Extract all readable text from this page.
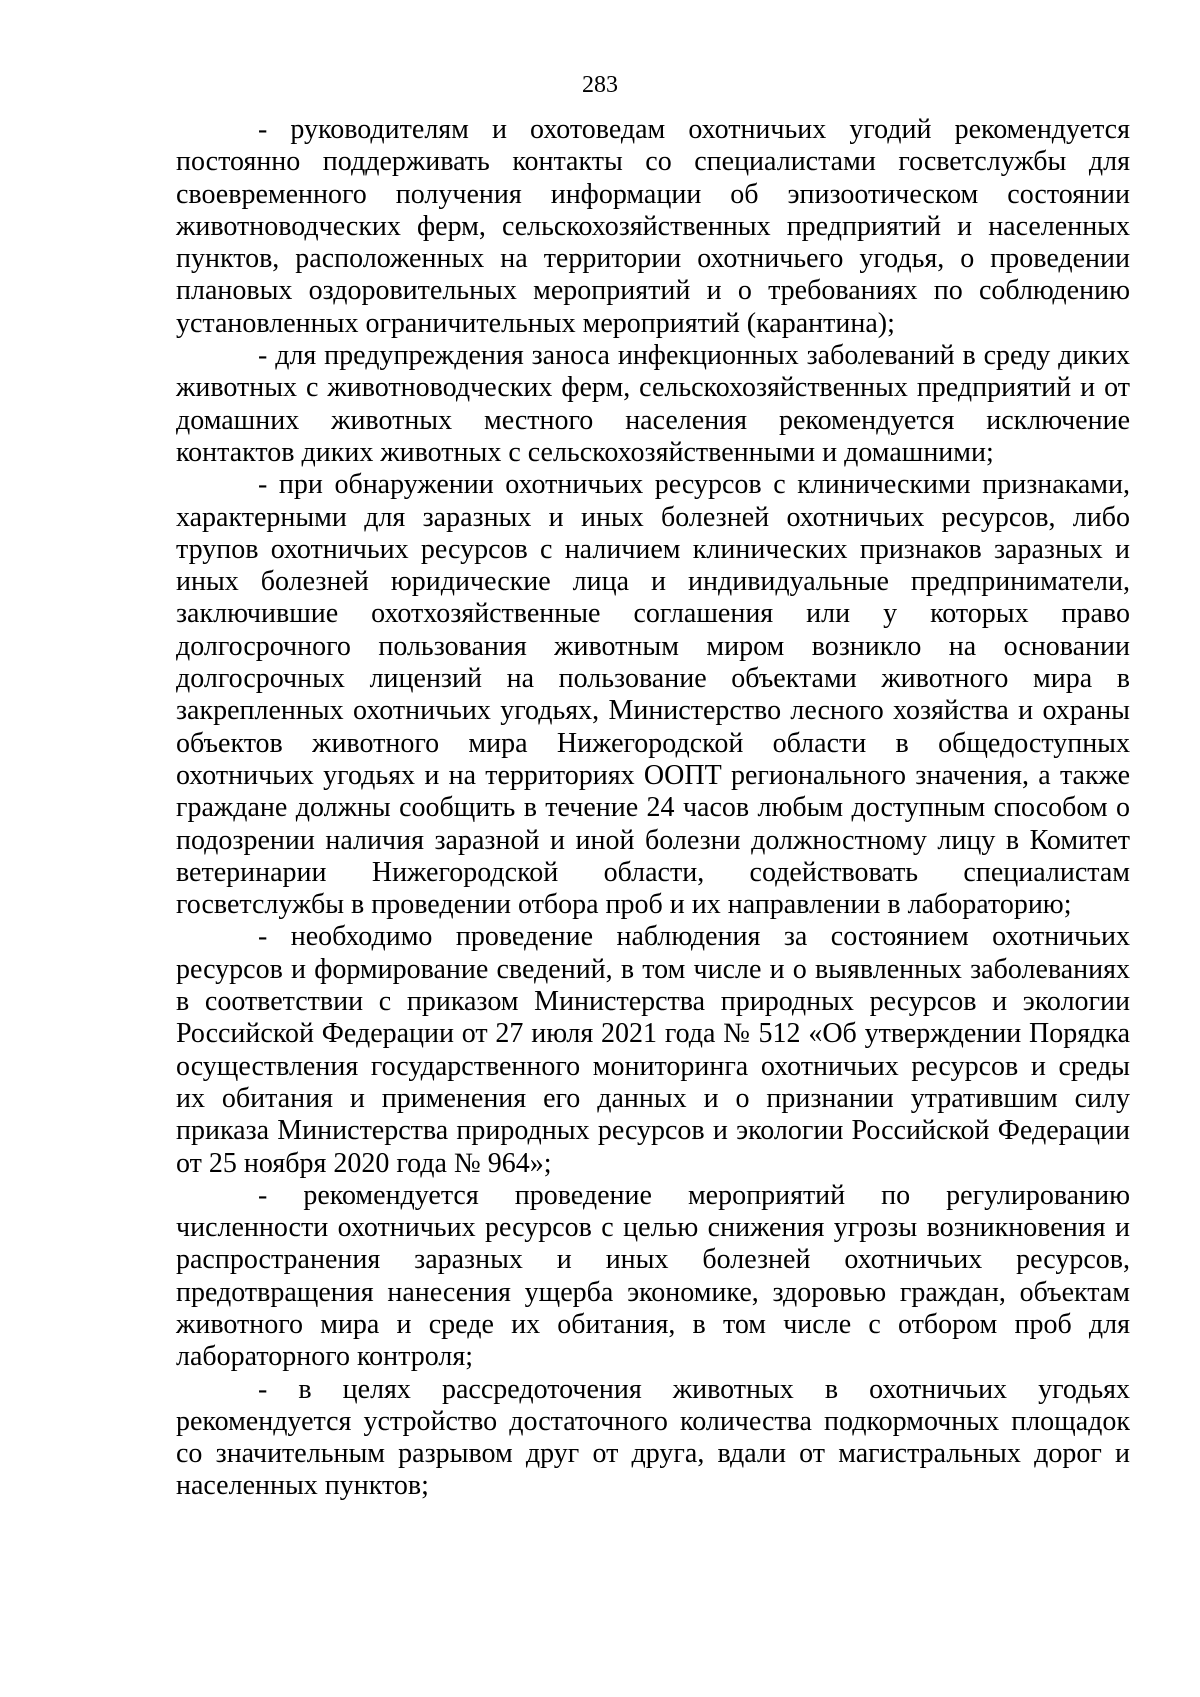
283

- руководителям и охотоведам охотничьих угодий рекомендуется постоянно поддерживать контакты со специалистами госветслужбы для своевременного получения информации об эпизоотическом состоянии животноводческих ферм, сельскохозяйственных предприятий и населенных пунктов, расположенных на территории охотничьего угодья, о проведении плановых оздоровительных мероприятий и о требованиях по соблюдению установленных ограничительных мероприятий (карантина);

- для предупреждения заноса инфекционных заболеваний в среду диких животных с животноводческих ферм, сельскохозяйственных предприятий и от домашних животных местного населения рекомендуется исключение контактов диких животных с сельскохозяйственными и домашними;

- при обнаружении охотничьих ресурсов с клиническими признаками, характерными для заразных и иных болезней охотничьих ресурсов, либо трупов охотничьих ресурсов с наличием клинических признаков заразных и иных болезней юридические лица и индивидуальные предприниматели, заключившие охотхозяйственные соглашения или у которых право долгосрочного пользования животным миром возникло на основании долгосрочных лицензий на пользование объектами животного мира в закрепленных охотничьих угодьях, Министерство лесного хозяйства и охраны объектов животного мира Нижегородской области в общедоступных охотничьих угодьях и на территориях ООПТ регионального значения, а также граждане должны сообщить в течение 24 часов любым доступным способом о подозрении наличия заразной и иной болезни должностному лицу в Комитет ветеринарии Нижегородской области, содействовать специалистам госветслужбы в проведении отбора проб и их направлении в лабораторию;

- необходимо проведение наблюдения за состоянием охотничьих ресурсов и формирование сведений, в том числе и о выявленных заболеваниях в соответствии с приказом Министерства природных ресурсов и экологии Российской Федерации от 27 июля 2021 года № 512 «Об утверждении Порядка осуществления государственного мониторинга охотничьих ресурсов и среды их обитания и применения его данных и о признании утратившим силу приказа Министерства природных ресурсов и экологии Российской Федерации от 25 ноября 2020 года № 964»;

- рекомендуется проведение мероприятий по регулированию численности охотничьих ресурсов с целью снижения угрозы возникновения и распространения заразных и иных болезней охотничьих ресурсов, предотвращения нанесения ущерба экономике, здоровью граждан, объектам животного мира и среде их обитания, в том числе с отбором проб для лабораторного контроля;

- в целях рассредоточения животных в охотничьих угодьях рекомендуется устройство достаточного количества подкормочных площадок со значительным разрывом друг от друга, вдали от магистральных дорог и населенных пунктов;
